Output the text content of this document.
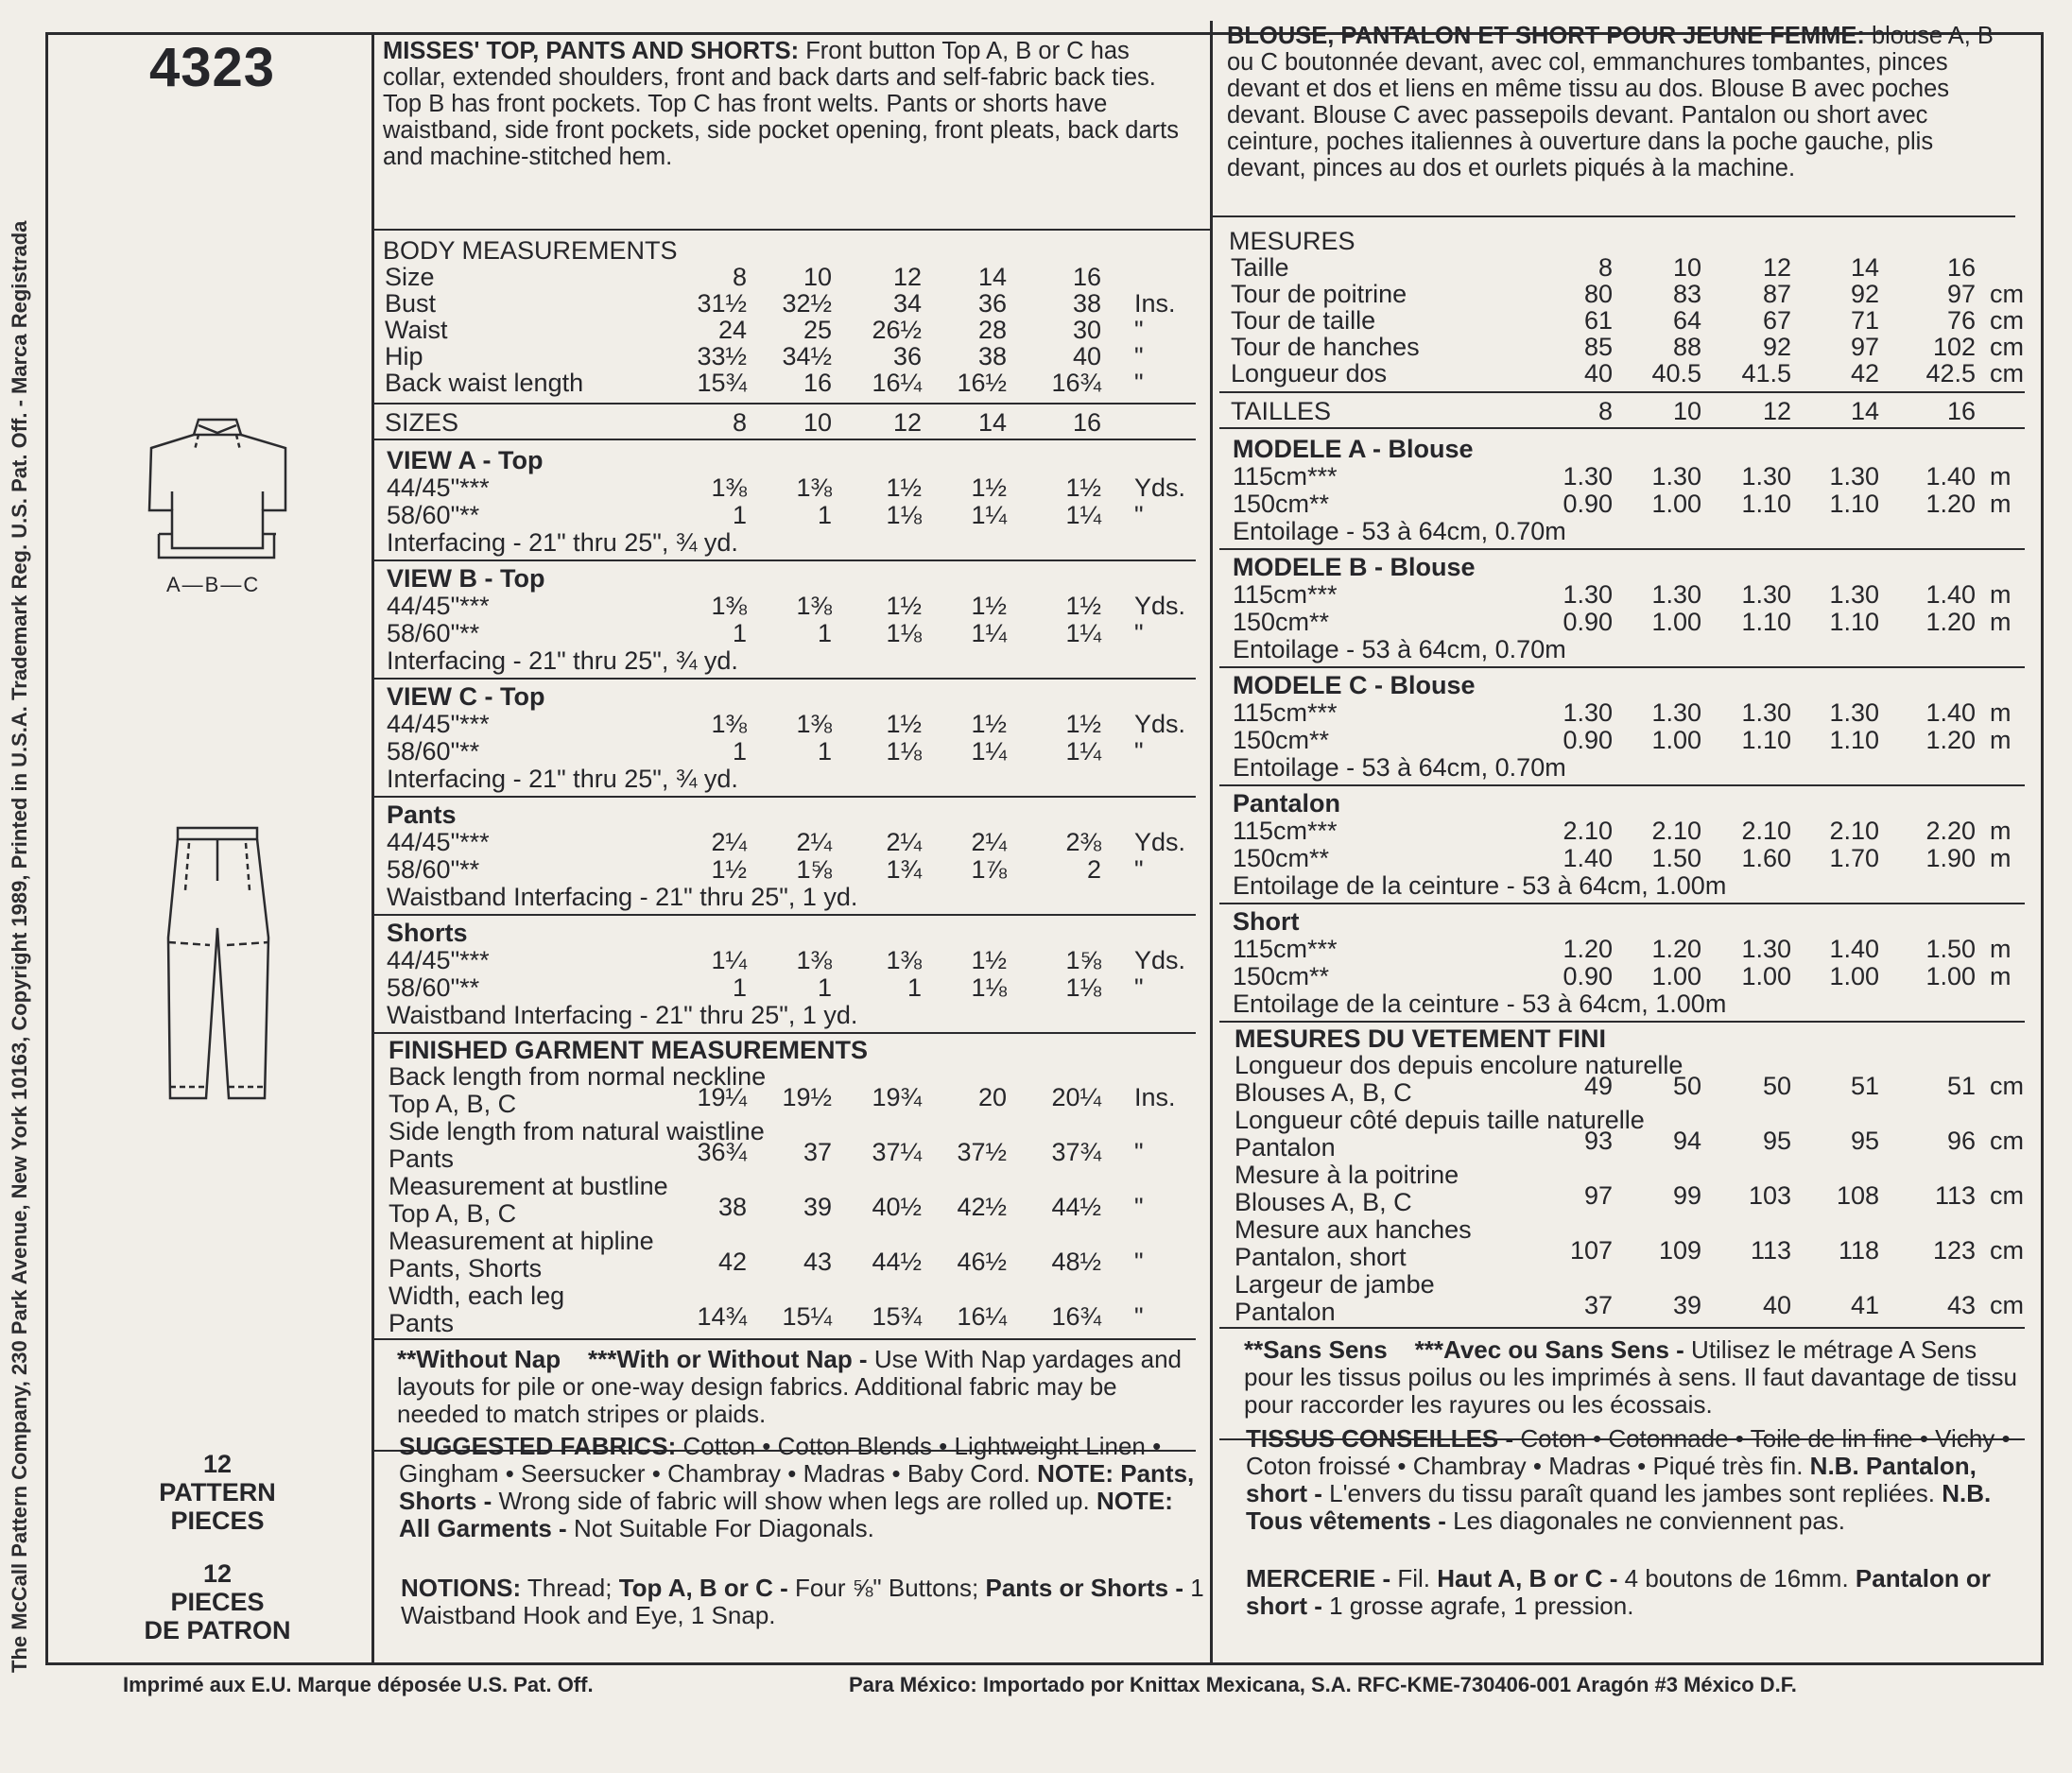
The McCall Pattern Company, 230 Park Avenue, New York 10163, Copyright 1989, Printed in U.S.A. Trademark Reg. U.S. Pat. Off. - Marca Registrada
4323	MISSES' TOP, PANTS AND SHORTS: Front button Top A, B or C has collar, extended shoulders, front and back darts and self-fabric back ties. Top B has front pockets. Top C has front welts. Pants or shorts have waistband, side front pockets, side pocket opening, front pleats, back darts and machine-stitched hem.
BLOUSE, PANTALON ET SHORT POUR JEUNE FEMME: blouse A, B ou C boutonnée devant, avec col, emmanchures tombantes, pinces devant et dos et liens en même tissu au dos. Blouse B avec poches devant. Blouse C avec passepoils devant. Pantalon ou short avec ceinture, poches italiennes à ouverture dans la poche gauche, plis devant, pinces au dos et ourlets piqués à la machine.
A—B—C
12
PATTERN
PIECES
12
PIECES
DE PATRON
BODY MEASUREMENTS
Size	8	10	12	14	16
Bust	31½	32½	34	36	38 Ins.
Waist	24	25	26½	28	30 "
Hip	33½	34½	36	38	40 "
Back waist length	15¾	16	16¼	16½	16¾ "
SIZES	8	10	12	14	16
VIEW A - Top
44/45"***	1⅜	1⅜	1½	1½	1½ Yds.
58/60"**	1	1	1⅛	1¼	1¼ "
Interfacing - 21" thru 25", ¾ yd.
VIEW B - Top
44/45"***	1⅜	1⅜	1½	1½	1½ Yds.
58/60"**	1	1	1⅛	1¼	1¼ "
Interfacing - 21" thru 25", ¾ yd.
VIEW C - Top
44/45"***	1⅜	1⅜	1½	1½	1½ Yds.
58/60"**	1	1	1⅛	1¼	1¼ "
Interfacing - 21" thru 25", ¾ yd.
Pants
44/45"***	2¼	2¼	2¼	2¼	2⅜ Yds.
58/60"**	1½	1⅝	1¾	1⅞	2 "
Waistband Interfacing - 21" thru 25", 1 yd.
Shorts
44/45"***	1¼	1⅜	1⅜	1½	1⅝ Yds.
58/60"**	1	1	1	1⅛	1⅛ "
Waistband Interfacing - 21" thru 25", 1 yd.
FINISHED GARMENT MEASUREMENTS
Back length from normal neckline
Top A, B, C	19¼	19½	19¾	20	20¼ Ins.
Side length from natural waistline
Pants	36¾	37	37¼	37½	37¾ "
Measurement at bustline
Top A, B, C	38	39	40½	42½	44½ "
Measurement at hipline
Pants, Shorts	42	43	44½	46½	48½ "
Width, each leg
Pants	14¾	15¼	15¾	16¼	16¾ "
MESURES
Taille	8	10	12	14	16
Tour de poitrine	80	83	87	92	97 cm
Tour de taille	61	64	67	71	76 cm
Tour de hanches	85	88	92	97	102 cm
Longueur dos	40	40.5	41.5	42	42.5 cm
TAILLES	8	10	12	14	16
MODELE A - Blouse
115cm***	1.30	1.30	1.30	1.30	1.40 m
150cm**	0.90	1.00	1.10	1.10	1.20 m
Entoilage - 53 à 64cm, 0.70m
MODELE B - Blouse
115cm***	1.30	1.30	1.30	1.30	1.40 m
150cm**	0.90	1.00	1.10	1.10	1.20 m
Entoilage - 53 à 64cm, 0.70m
MODELE C - Blouse
115cm***	1.30	1.30	1.30	1.30	1.40 m
150cm**	0.90	1.00	1.10	1.10	1.20 m
Entoilage - 53 à 64cm, 0.70m
Pantalon
115cm***	2.10	2.10	2.10	2.10	2.20 m
150cm**	1.40	1.50	1.60	1.70	1.90 m
Entoilage de la ceinture - 53 à 64cm, 1.00m
Short
115cm***	1.20	1.20	1.30	1.40	1.50 m
150cm**	0.90	1.00	1.00	1.00	1.00 m
Entoilage de la ceinture - 53 à 64cm, 1.00m
MESURES DU VETEMENT FINI
Longueur dos depuis encolure naturelle
Blouses A, B, C	49	50	50	51	51 cm
Longueur côté depuis taille naturelle
Pantalon	93	94	95	95	96 cm
Mesure à la poitrine
Blouses A, B, C	97	99	103	108	113 cm
Mesure aux hanches
Pantalon, short	107	109	113	118	123 cm
Largeur de jambe
Pantalon	37	39	40	41	43 cm
**Without Nap ***With or Without Nap - Use With Nap yardages and layouts for pile or one-way design fabrics. Additional fabric may be needed to match stripes or plaids.
SUGGESTED FABRICS: Cotton • Cotton Blends • Lightweight Linen • Gingham • Seersucker • Chambray • Madras • Baby Cord. NOTE: Pants, Shorts - Wrong side of fabric will show when legs are rolled up. NOTE: All Garments - Not Suitable For Diagonals.
NOTIONS: Thread; Top A, B or C - Four ⅝" Buttons; Pants or Shorts - 1 Waistband Hook and Eye, 1 Snap.
**Sans Sens ***Avec ou Sans Sens - Utilisez le métrage A Sens pour les tissus poilus ou les imprimés à sens. Il faut davantage de tissu pour raccorder les rayures ou les écossais.
TISSUS CONSEILLES - Coton • Cotonnade • Toile de lin fine • Vichy • Coton froissé • Chambray • Madras • Piqué très fin. N.B. Pantalon, short - L'envers du tissu paraît quand les jambes sont repliées. N.B. Tous vêtements - Les diagonales ne conviennent pas.
MERCERIE - Fil. Haut A, B or C - 4 boutons de 16mm. Pantalon or short - 1 grosse agrafe, 1 pression.
Imprimé aux E.U. Marque déposée U.S. Pat. Off.	Para México: Importado por Knittax Mexicana, S.A. RFC-KME-730406-001 Aragón #3 México D.F.
